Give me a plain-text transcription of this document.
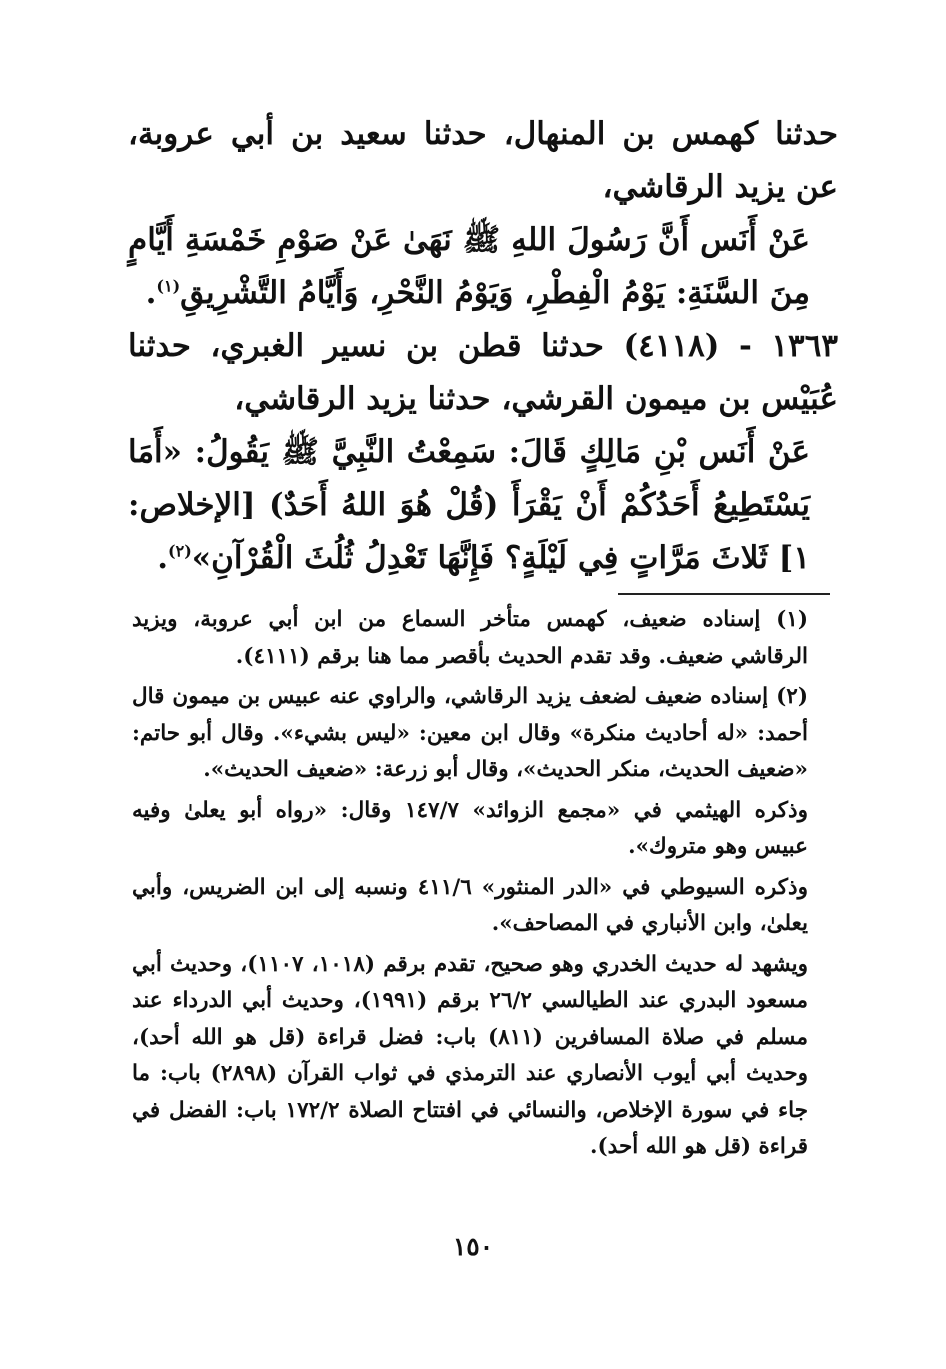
حدثنا كهمس بن المنهال، حدثنا سعيد بن أبي عروبة، عن يزيد الرقاشي،

عَنْ أَنَس أَنَّ رَسُولَ اللهِ ﷺ نَهَىٰ عَنْ صَوْمِ خَمْسَةِ أَيَّامٍ مِنَ السَّنَةِ: يَوْمُ الْفِطْرِ، وَيَوْمُ النَّحْرِ، وَأَيَّامُ التَّشْرِيقِ$^{(١)}$.

١٣٦٣ - (٤١١٨) حدثنا قطن بن نسير الغبري، حدثنا عُبَيْس بن ميمون القرشي، حدثنا يزيد الرقاشي،

عَنْ أَنَس بْنِ مَالِكٍ قَالَ: سَمِعْتُ النَّبِيَّ ﷺ يَقُولُ: «أَمَا يَسْتَطِيعُ أَحَدُكُمْ أَنْ يَقْرَأَ (قُلْ هُوَ اللهُ أَحَدٌ) [الإخلاص: ١] ثَلاثَ مَرَّاتٍ فِي لَيْلَةٍ؟ فَإِنَّهَا تَعْدِلُ ثُلُثَ الْقُرْآنِ»$^{(٢)}$.

(١) إسناده ضعيف، كهمس متأخر السماع من ابن أبي عروبة، ويزيد الرقاشي ضعيف. وقد تقدم الحديث بأقصر مما هنا برقم (٤١١١).

(٢) إسناده ضعيف لضعف يزيد الرقاشي، والراوي عنه عبيس بن ميمون قال أحمد: «له أحاديث منكرة» وقال ابن معين: «ليس بشيء». وقال أبو حاتم: «ضعيف الحديث، منكر الحديث»، وقال أبو زرعة: «ضعيف الحديث».

وذكره الهيثمي في «مجمع الزوائد» ١٤٧/٧ وقال: «رواه أبو يعلىٰ وفيه عبيس وهو متروك».

وذكره السيوطي في «الدر المنثور» ٤١١/٦ ونسبه إلى ابن الضريس، وأبي يعلىٰ، وابن الأنباري في المصاحف».

ويشهد له حديث الخدري وهو صحيح، تقدم برقم (١٠١٨، ١١٠٧)، وحديث أبي مسعود البدري عند الطيالسي ٢٦/٢ برقم (١٩٩١)، وحديث أبي الدرداء عند مسلم في صلاة المسافرين (٨١١) باب: فضل قراءة (قل هو الله أحد)، وحديث أبي أيوب الأنصاري عند الترمذي في ثواب القرآن (٢٨٩٨) باب: ما جاء في سورة الإخلاص، والنسائي في افتتاح الصلاة ١٧٢/٢ باب: الفضل في قراءة (قل هو الله أحد).

١٥٠
